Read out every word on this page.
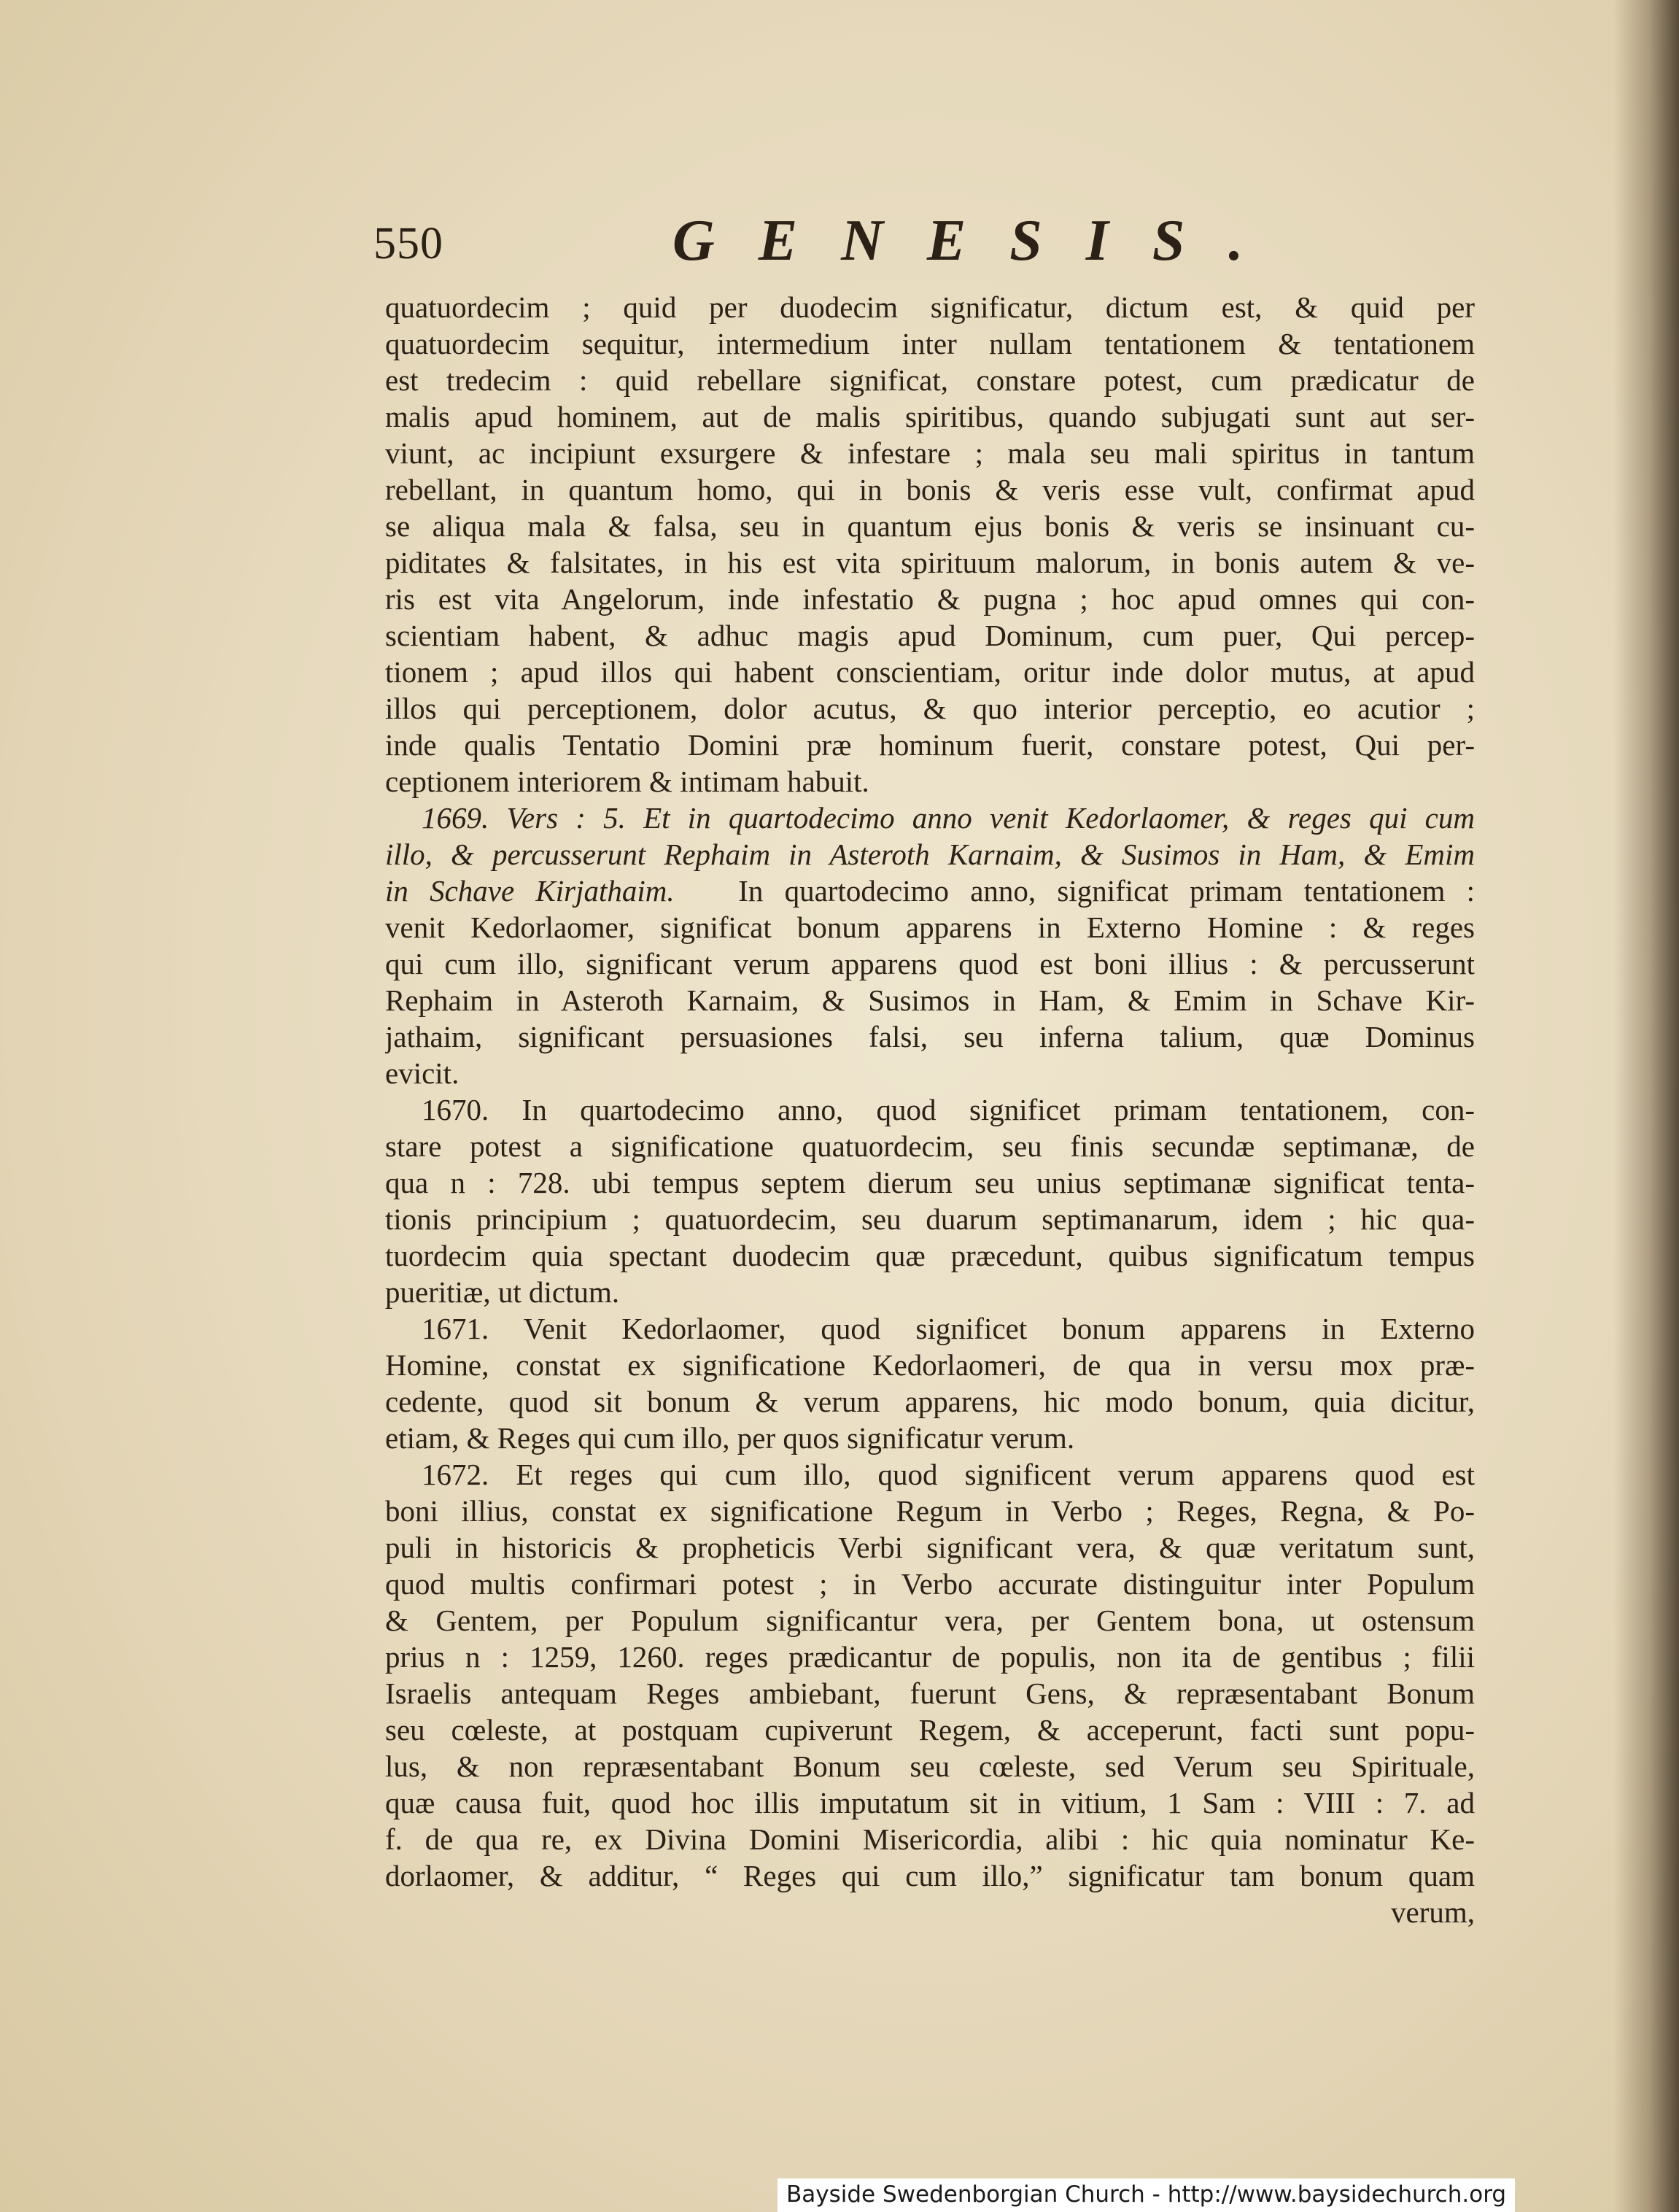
550	GENESIS.
quatuordecim ; quid per duodecim significatur, dictum est, & quid per
quatuordecim sequitur, intermedium inter nullam tentationem & tentationem
est tredecim : quid rebellare significat, constare potest, cum prædicatur de
malis apud hominem, aut de malis spiritibus, quando subjugati sunt aut ser-
viunt, ac incipiunt exsurgere & infestare ; mala seu mali spiritus in tantum
rebellant, in quantum homo, qui in bonis & veris esse vult, confirmat apud
se aliqua mala & falsa, seu in quantum ejus bonis & veris se insinuant cu-
piditates & falsitates, in his est vita spirituum malorum, in bonis autem & ve-
ris est vita Angelorum, inde infestatio & pugna ; hoc apud omnes qui con-
scientiam habent, & adhuc magis apud Dominum, cum puer, Qui percep-
tionem ; apud illos qui habent conscientiam, oritur inde dolor mutus, at apud
illos qui perceptionem, dolor acutus, & quo interior perceptio, eo acutior ;
inde qualis Tentatio Domini præ hominum fuerit, constare potest, Qui per-
ceptionem interiorem & intimam habuit.
1669. Vers : 5. Et in quartodecimo anno venit Kedorlaomer, & reges qui cum
illo, & percusserunt Rephaim in Asteroth Karnaim, & Susimos in Ham, & Emim
in Schave Kirjathaim. In quartodecimo anno, significat primam tentationem :
venit Kedorlaomer, significat bonum apparens in Externo Homine : & reges
qui cum illo, significant verum apparens quod est boni illius : & percusserunt
Rephaim in Asteroth Karnaim, & Susimos in Ham, & Emim in Schave Kir-
jathaim, significant persuasiones falsi, seu inferna talium, quæ Dominus
evicit.
1670. In quartodecimo anno, quod significet primam tentationem, con-
stare potest a significatione quatuordecim, seu finis secundæ septimanæ, de
qua n : 728. ubi tempus septem dierum seu unius septimanæ significat tenta-
tionis principium ; quatuordecim, seu duarum septimanarum, idem ; hic qua-
tuordecim quia spectant duodecim quæ præcedunt, quibus significatum tempus
pueritiæ, ut dictum.
1671. Venit Kedorlaomer, quod significet bonum apparens in Externo
Homine, constat ex significatione Kedorlaomeri, de qua in versu mox præ-
cedente, quod sit bonum & verum apparens, hic modo bonum, quia dicitur,
etiam, & Reges qui cum illo, per quos significatur verum.
1672. Et reges qui cum illo, quod significent verum apparens quod est
boni illius, constat ex significatione Regum in Verbo ; Reges, Regna, & Po-
puli in historicis & propheticis Verbi significant vera, & quæ veritatum sunt,
quod multis confirmari potest ; in Verbo accurate distinguitur inter Populum
& Gentem, per Populum significantur vera, per Gentem bona, ut ostensum
prius n : 1259, 1260. reges prædicantur de populis, non ita de gentibus ; filii
Israelis antequam Reges ambiebant, fuerunt Gens, & repræsentabant Bonum
seu cœleste, at postquam cupiverunt Regem, & acceperunt, facti sunt popu-
lus, & non repræsentabant Bonum seu cœleste, sed Verum seu Spirituale,
quæ causa fuit, quod hoc illis imputatum sit in vitium, 1 Sam : VIII : 7. ad
f. de qua re, ex Divina Domini Misericordia, alibi : hic quia nominatur Ke-
dorlaomer, & additur, “ Reges qui cum illo,” significatur tam bonum quam
verum,
Bayside Swedenborgian Church - http://www.baysidechurch.org
